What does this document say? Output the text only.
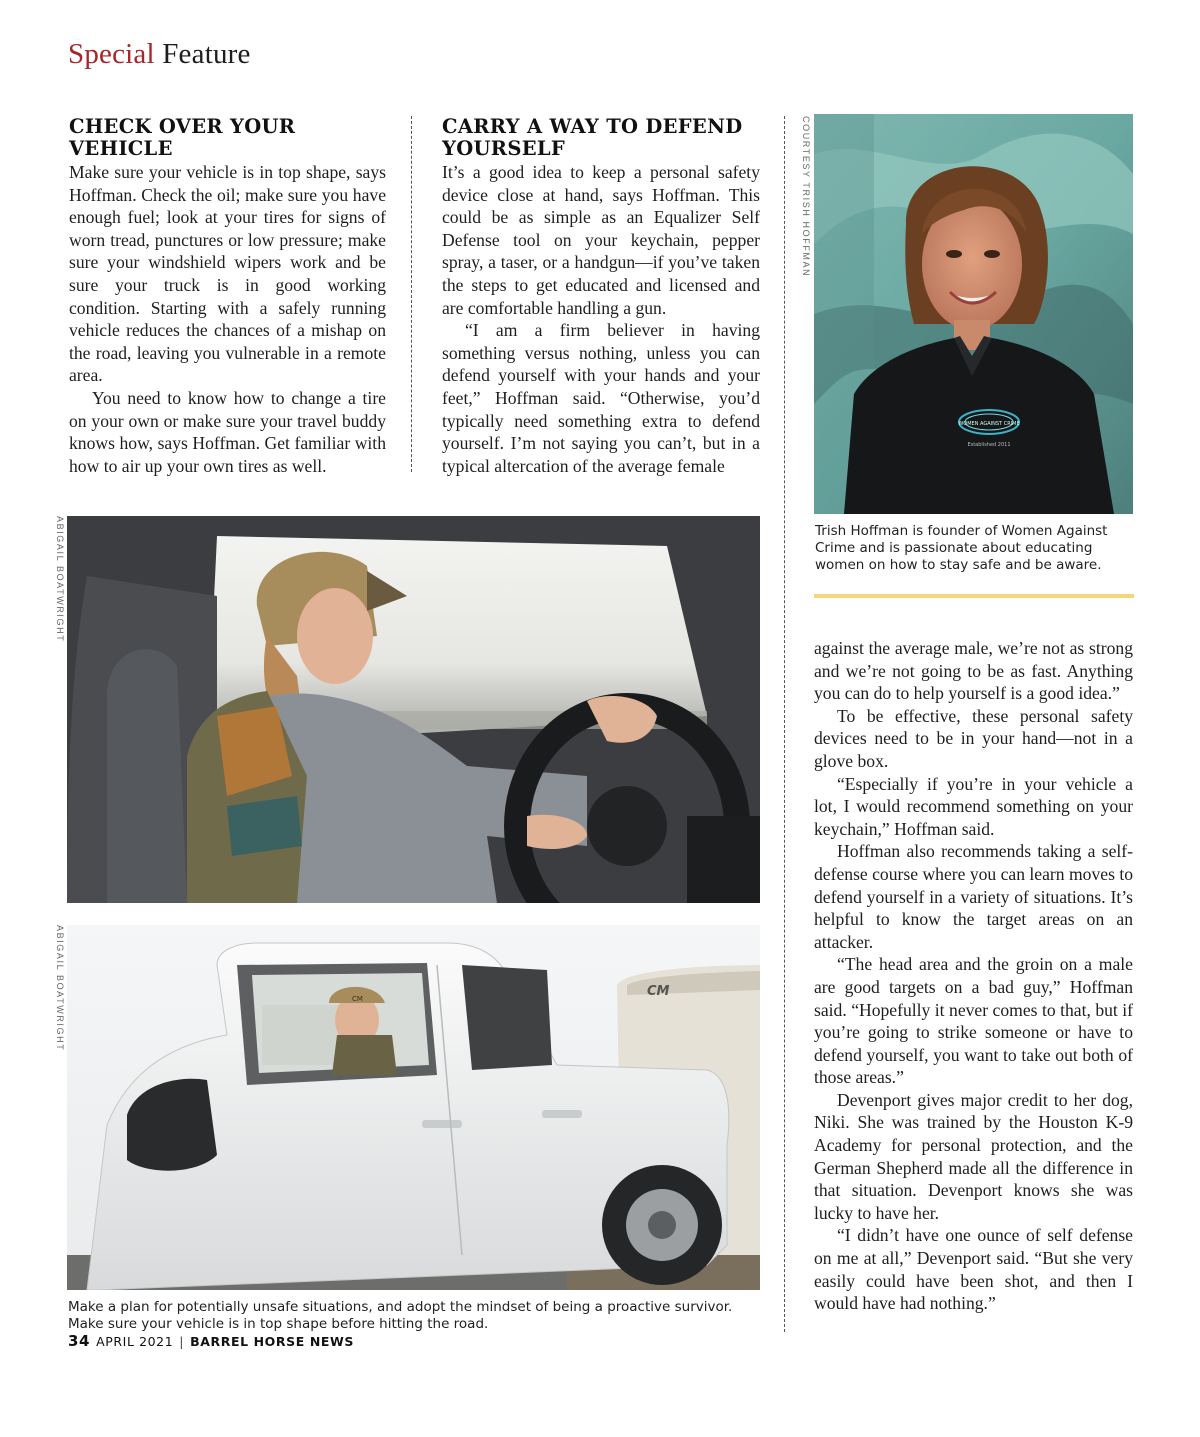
Special Feature
CHECK OVER YOUR VEHICLE

Make sure your vehicle is in top shape, says Hoffman. Check the oil; make sure you have enough fuel; look at your tires for signs of worn tread, punctures or low pressure; make sure your windshield wipers work and be sure your truck is in good working condition. Starting with a safely running vehicle reduces the chances of a mishap on the road, leaving you vulnerable in a remote area.

You need to know how to change a tire on your own or make sure your travel buddy knows how, says Hoffman. Get familiar with how to air up your own tires as well.

CARRY A WAY TO DEFEND YOURSELF

It’s a good idea to keep a personal safety device close at hand, says Hoffman. This could be as simple as an Equalizer Self Defense tool on your keychain, pepper spray, a taser, or a handgun—if you’ve taken the steps to get educated and licensed and are comfortable handling a gun.

“I am a firm believer in having something versus nothing, unless you can defend yourself with your hands and your feet,” Hoffman said. “Otherwise, you’d typically need something extra to defend yourself. I’m not saying you can’t, but in a typical altercation of the average female

COURTESY TRISH HOFFMAN
WOMEN AGAINST CRIME
Established 2011
Trish Hoffman is founder of Women Against Crime and is passionate about educating women on how to stay safe and be aware.

against the average male, we’re not as strong and we’re not going to be as fast. Anything you can do to help yourself is a good idea.”

To be effective, these personal safety devices need to be in your hand—not in a glove box.

“Especially if you’re in your vehicle a lot, I would recommend something on your keychain,” Hoffman said.

Hoffman also recommends taking a self-defense course where you can learn moves to defend yourself in a variety of situations. It’s helpful to know the target areas on an attacker.

“The head area and the groin on a male are good targets on a bad guy,” Hoffman said. “Hopefully it never comes to that, but if you’re going to strike someone or have to defend yourself, you want to take out both of those areas.”

Devenport gives major credit to her dog, Niki. She was trained by the Houston K-9 Academy for personal protection, and the German Shepherd made all the difference in that situation. Devenport knows she was lucky to have her.

“I didn’t have one ounce of self defense on me at all,” Devenport said. “But she very easily could have been shot, and then I would have had nothing.”

ABIGAIL BOATWRIGHT
ABIGAIL BOATWRIGHT	CM
CM
Make a plan for potentially unsafe situations, and adopt the mindset of being a proactive survivor. Make sure your vehicle is in top shape before hitting the road.
34 APRIL 2021 | BARREL HORSE NEWS
